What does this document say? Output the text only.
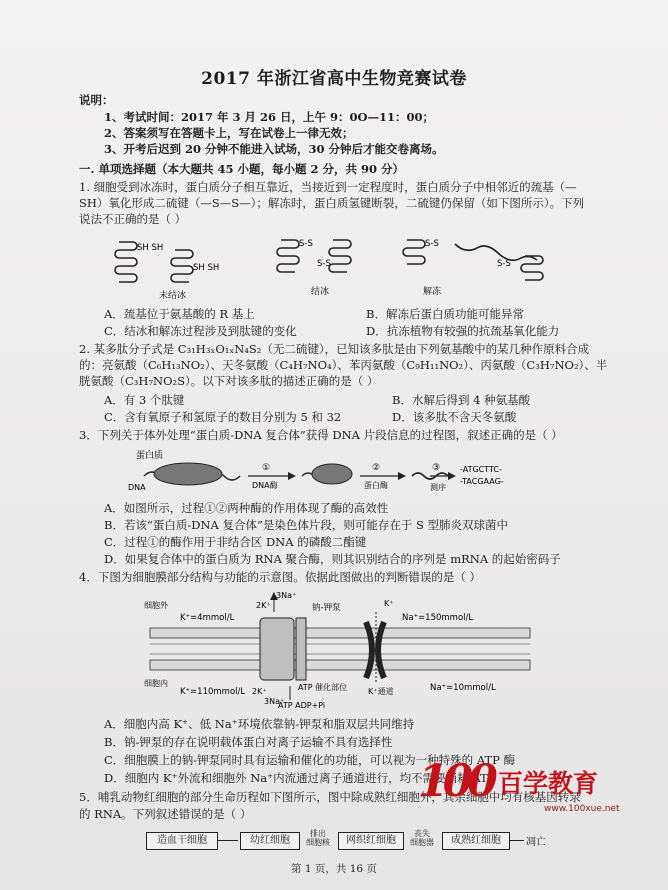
2017 年浙江省高中生物竞赛试卷
说明：
1、考试时间：2017 年 3 月 26 日，上午 9：0O—11：00；
2、答案须写在答题卡上，写在试卷上一律无效；
3、开考后迟到 20 分钟不能进入试场，30 分钟后才能交卷离场。
一. 单项选择题（本大题共 45 小题，每小题 2 分，共 90 分）
1. 细胞受到冰冻时，蛋白质分子相互靠近，当接近到一定程度时，蛋白质分子中相邻近的巯基（—
SH）氧化形成二硫键（—S—S—）；解冻时，蛋白质氢键断裂，二硫键仍保留（如下图所示）。下列
说法不正确的是（ ）
SH SH
SH SH
S-S
S-S
S-S
S-S
未结冰	结冰	解冻
A．巯基位于氨基酸的 R 基上	B．解冻后蛋白质功能可能异常
C．结冰和解冻过程涉及到肽键的变化	D．抗冻植物有较强的抗巯基氧化能力
2. 某多肽分子式是 C₃₁H₃ₓO₁ₓN₄S₂（无二硫键），已知该多肽是由下列氨基酸中的某几种作原料合成
的：亮氨酸（C₆H₁₃NO₂）、天冬氨酸（C₄H₇NO₄）、苯丙氨酸（C₉H₁₁NO₂）、丙氨酸（C₃H₇NO₂）、半
胱氨酸（C₃H₇NO₂S）。以下对该多肽的描述正确的是（ ）
A．有 3 个肽键	B．水解后得到 4 种氨基酸
C．含有氧原子和氢原子的数目分别为 5 和 32	D．该多肽不含天冬氨酸
3．下列关于体外处理“蛋白质-DNA 复合体”获得 DNA 片段信息的过程图，叙述正确的是（ ）
蛋白质
DNA
①
DNA酶
②
蛋白酶
③
测序
-ATGCTTC-
-TACGAAG-
A．如图所示，过程①②两种酶的作用体现了酶的高效性
B．若该“蛋白质-DNA 复合体”是染色体片段，则可能存在于 S 型肺炎双球菌中
C．过程①的酶作用于非结合区 DNA 的磷酸二酯键
D．如果复合体中的蛋白质为 RNA 聚合酶，则其识别结合的序列是 mRNA 的起始密码子
4．下图为细胞膜部分结构与功能的示意图。依据此图做出的判断错误的是（ ）
细胞外
K⁺=4mmol/L
3Na⁺
2K⁺	钠-钾泵	K⁺
Na⁺=150mmol/L
细胞内
K⁺=110mmol/L 2K⁺
3Na⁺
ATP 催化部位
ATP ADP+Pi
K⁺通道	Na⁺=10mmol/L
A．细胞内高 K⁺、低 Na⁺环境依靠钠-钾泵和脂双层共同维持
B．钠-钾泵的存在说明载体蛋白对离子运输不具有选择性
C．细胞膜上的钠-钾泵同时具有运输和催化的功能，可以视为一种特殊的 ATP 酶
D．细胞内 K⁺外流和细胞外 Na⁺内流通过离子通道进行，均不需要消耗 ATP
5．哺乳动物红细胞的部分生命历程如下图所示，图中除成熟红细胞外，其余细胞中均有核基因转录
的 RNA。下列叙述错误的是（ ）
造血干细胞	幼红细胞
排出
细胞核	网织红细胞
丧失
细胞器	成熟红细胞	凋亡
100 百学教育
www.100xue.net
第 1 页，共 16 页
